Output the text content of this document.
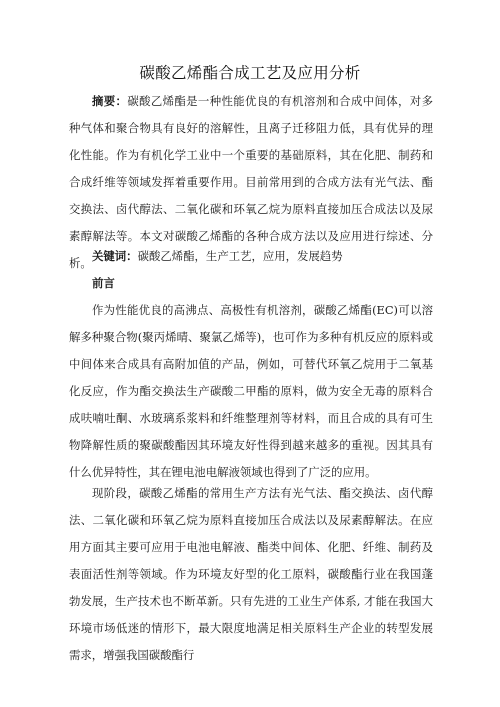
碳酸乙烯酯合成工艺及应用分析
摘要：碳酸乙烯酯是一种性能优良的有机溶剂和合成中间体，对多种气体和聚合物具有良好的溶解性，且离子迁移阻力低，具有优异的理化性能。作为有机化学工业中一个重要的基础原料，其在化肥、制药和合成纤维等领域发挥着重要作用。目前常用到的合成方法有光气法、酯交换法、卤代醇法、二氧化碳和环氧乙烷为原料直接加压合成法以及尿素醇解法等。本文对碳酸乙烯酯的各种合成方法以及应用进行综述、分析。 关键词：碳酸乙烯酯，生产工艺，应用，发展趋势
前言
作为性能优良的高沸点、高极性有机溶剂，碳酸乙烯酯(EC)可以溶解多种聚合物(聚丙烯晴、聚氯乙烯等)，也可作为多种有机反应的原料或中间体来合成具有高附加值的产品，例如，可替代环氧乙烷用于二氧基化反应，作为酯交换法生产碳酸二甲酯的原料，做为安全无毒的原料合成呋喃吐酮、水玻璃系浆料和纤维整理剂等材料，而且合成的具有可生物降解性质的聚碳酸酯因其环境友好性得到越来越多的重视。因其具有什么优异特性，其在锂电池电解液领域也得到了广泛的应用。
现阶段，碳酸乙烯酯的常用生产方法有光气法、酯交换法、卤代醇法、二氧化碳和环氧乙烷为原料直接加压合成法以及尿素醇解法。在应用方面其主要可应用于电池电解液、酯类中间体、化肥、纤维、制药及表面活性剂等领域。作为环境友好型的化工原料，碳酸酯行业在我国蓬勃发展，生产技术也不断革新。只有先进的工业生产体系, 才能在我国大环境市场低迷的情形下，最大限度地满足相关原料生产企业的转型发展需求，增强我国碳酸酯行
